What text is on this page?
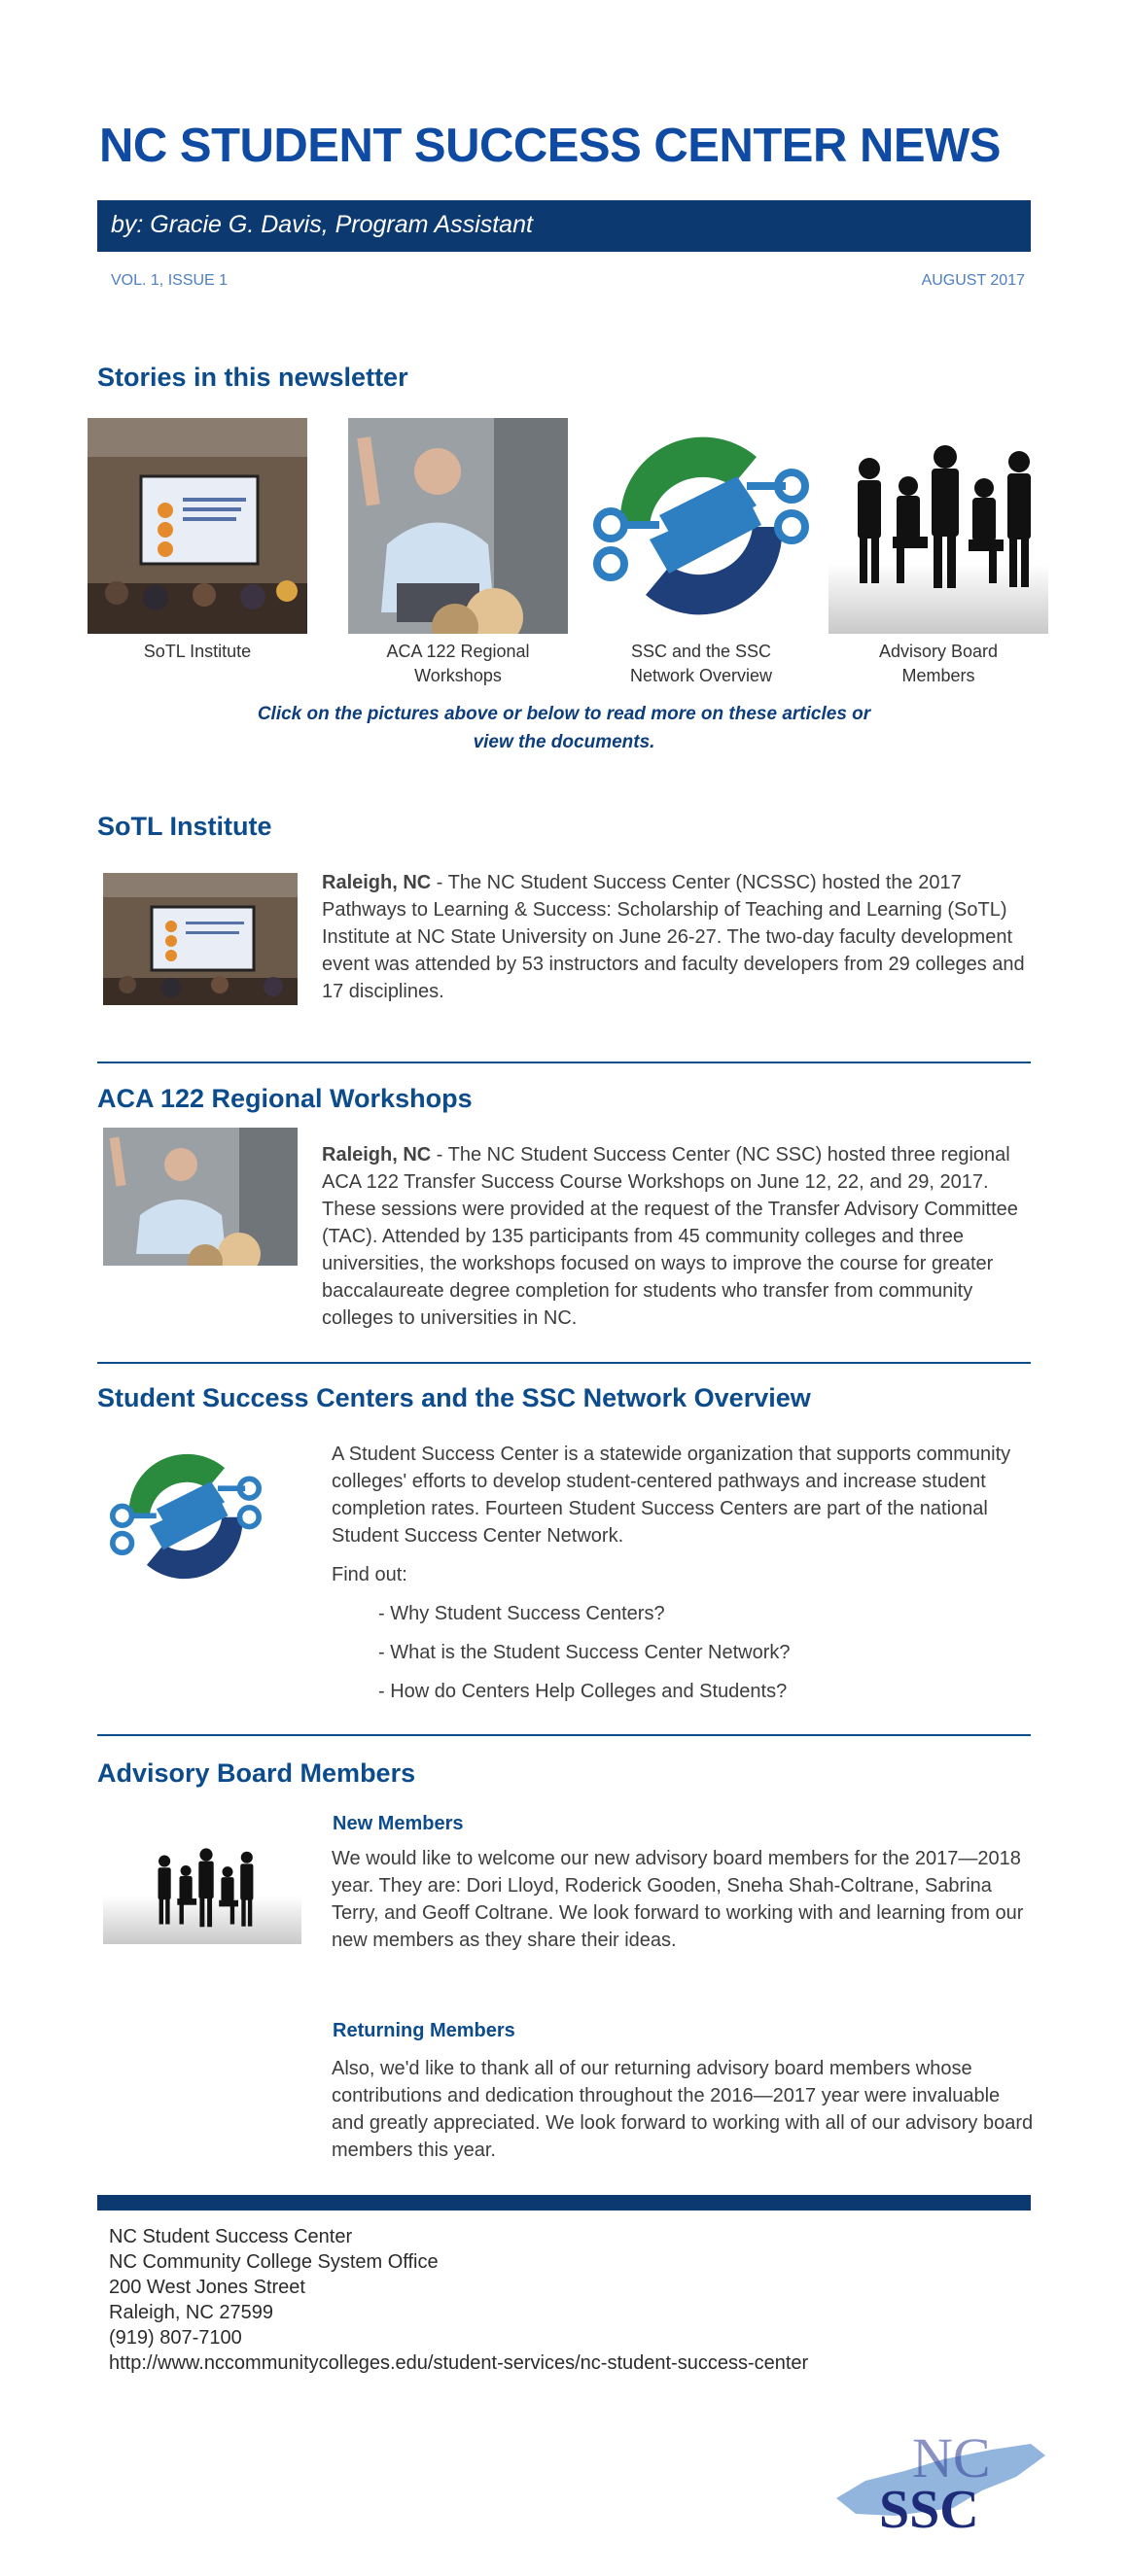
NC STUDENT SUCCESS CENTER NEWS
by: Gracie G. Davis, Program Assistant
VOL. 1, ISSUE 1	AUGUST 2017
Stories in this newsletter
SoTL Institute	ACA 122 Regional
Workshops
SSC and the SSC
Network Overview
Advisory Board
Members
Click on the pictures above or below to read more on these articles or
view the documents.
SoTL Institute
Raleigh, NC - The NC Student Success Center (NCSSC) hosted the 2017 Pathways to Learning & Success: Scholarship of Teaching and Learning (SoTL) Institute at NC State University on June 26-27. The two-day faculty development event was attended by 53 instructors and faculty developers from 29 colleges and 17 disciplines.
ACA 122 Regional Workshops
Raleigh, NC - The NC Student Success Center (NC SSC) hosted three regional ACA 122 Transfer Success Course Workshops on June 12, 22, and 29, 2017. These sessions were provided at the request of the Transfer Advisory Committee (TAC). Attended by 135 participants from 45 community colleges and three universities, the workshops focused on ways to improve the course for greater baccalaureate degree completion for students who transfer from community colleges to universities in NC.
Student Success Centers and the SSC Network Overview
A Student Success Center is a statewide organization that supports community colleges' efforts to develop student-centered pathways and increase student completion rates. Fourteen Student Success Centers are part of the national Student Success Center Network.
Find out:
- Why Student Success Centers?
- What is the Student Success Center Network?
- How do Centers Help Colleges and Students?
Advisory Board Members
New Members
We would like to welcome our new advisory board members for the 2017—2018 year. They are: Dori Lloyd, Roderick Gooden, Sneha Shah-Coltrane, Sabrina Terry, and Geoff Coltrane. We look forward to working with and learning from our new members as they share their ideas.
Returning Members
Also, we'd like to thank all of our returning advisory board members whose contributions and dedication throughout the 2016—2017 year were invaluable and greatly appreciated. We look forward to working with all of our advisory board members this year.
NC Student Success Center
NC Community College System Office
200 West Jones Street
Raleigh, NC 27599
(919) 807-7100
http://www.nccommunitycolleges.edu/student-services/nc-student-success-center
NC
SSC
